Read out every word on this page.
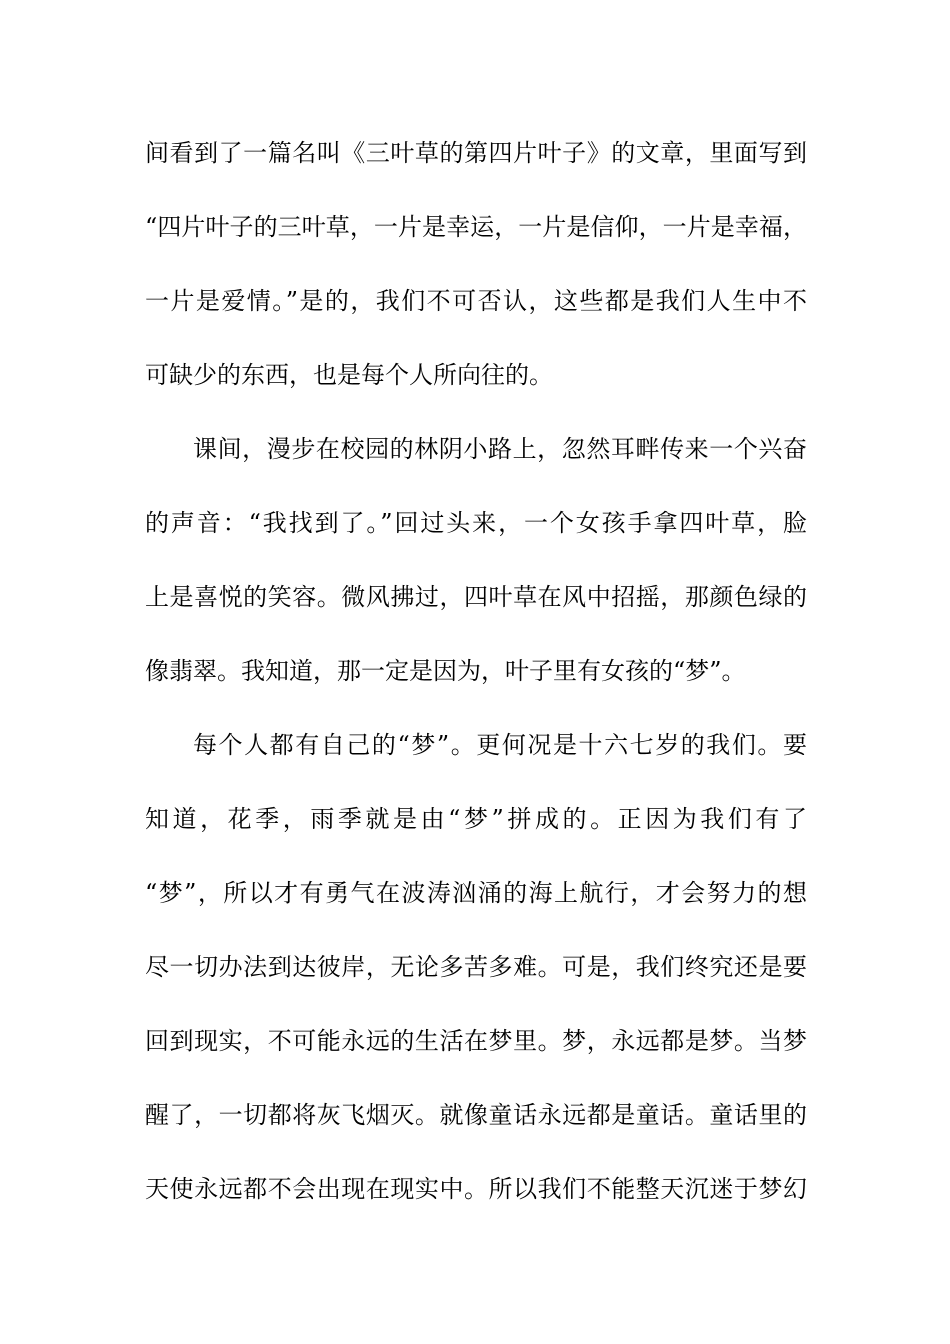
间看到了一篇名叫《三叶草的第四片叶子》的文章，里面写到
“四片叶子的三叶草，一片是幸运，一片是信仰，一片是幸福，
一片是爱情。”是的，我们不可否认，这些都是我们人生中不
可缺少的东西，也是每个人所向往的。
课间，漫步在校园的林阴小路上，忽然耳畔传来一个兴奋
的声音：“我找到了。”回过头来，一个女孩手拿四叶草，脸
上是喜悦的笑容。微风拂过，四叶草在风中招摇，那颜色绿的
像翡翠。我知道，那一定是因为，叶子里有女孩的“梦”。
每个人都有自己的“梦”。更何况是十六七岁的我们。要
知道，花季，雨季就是由“梦”拼成的。正因为我们有了
“梦”，所以才有勇气在波涛汹涌的海上航行，才会努力的想
尽一切办法到达彼岸，无论多苦多难。可是，我们终究还是要
回到现实，不可能永远的生活在梦里。梦，永远都是梦。当梦
醒了，一切都将灰飞烟灭。就像童话永远都是童话。童话里的
天使永远都不会出现在现实中。所以我们不能整天沉迷于梦幻
